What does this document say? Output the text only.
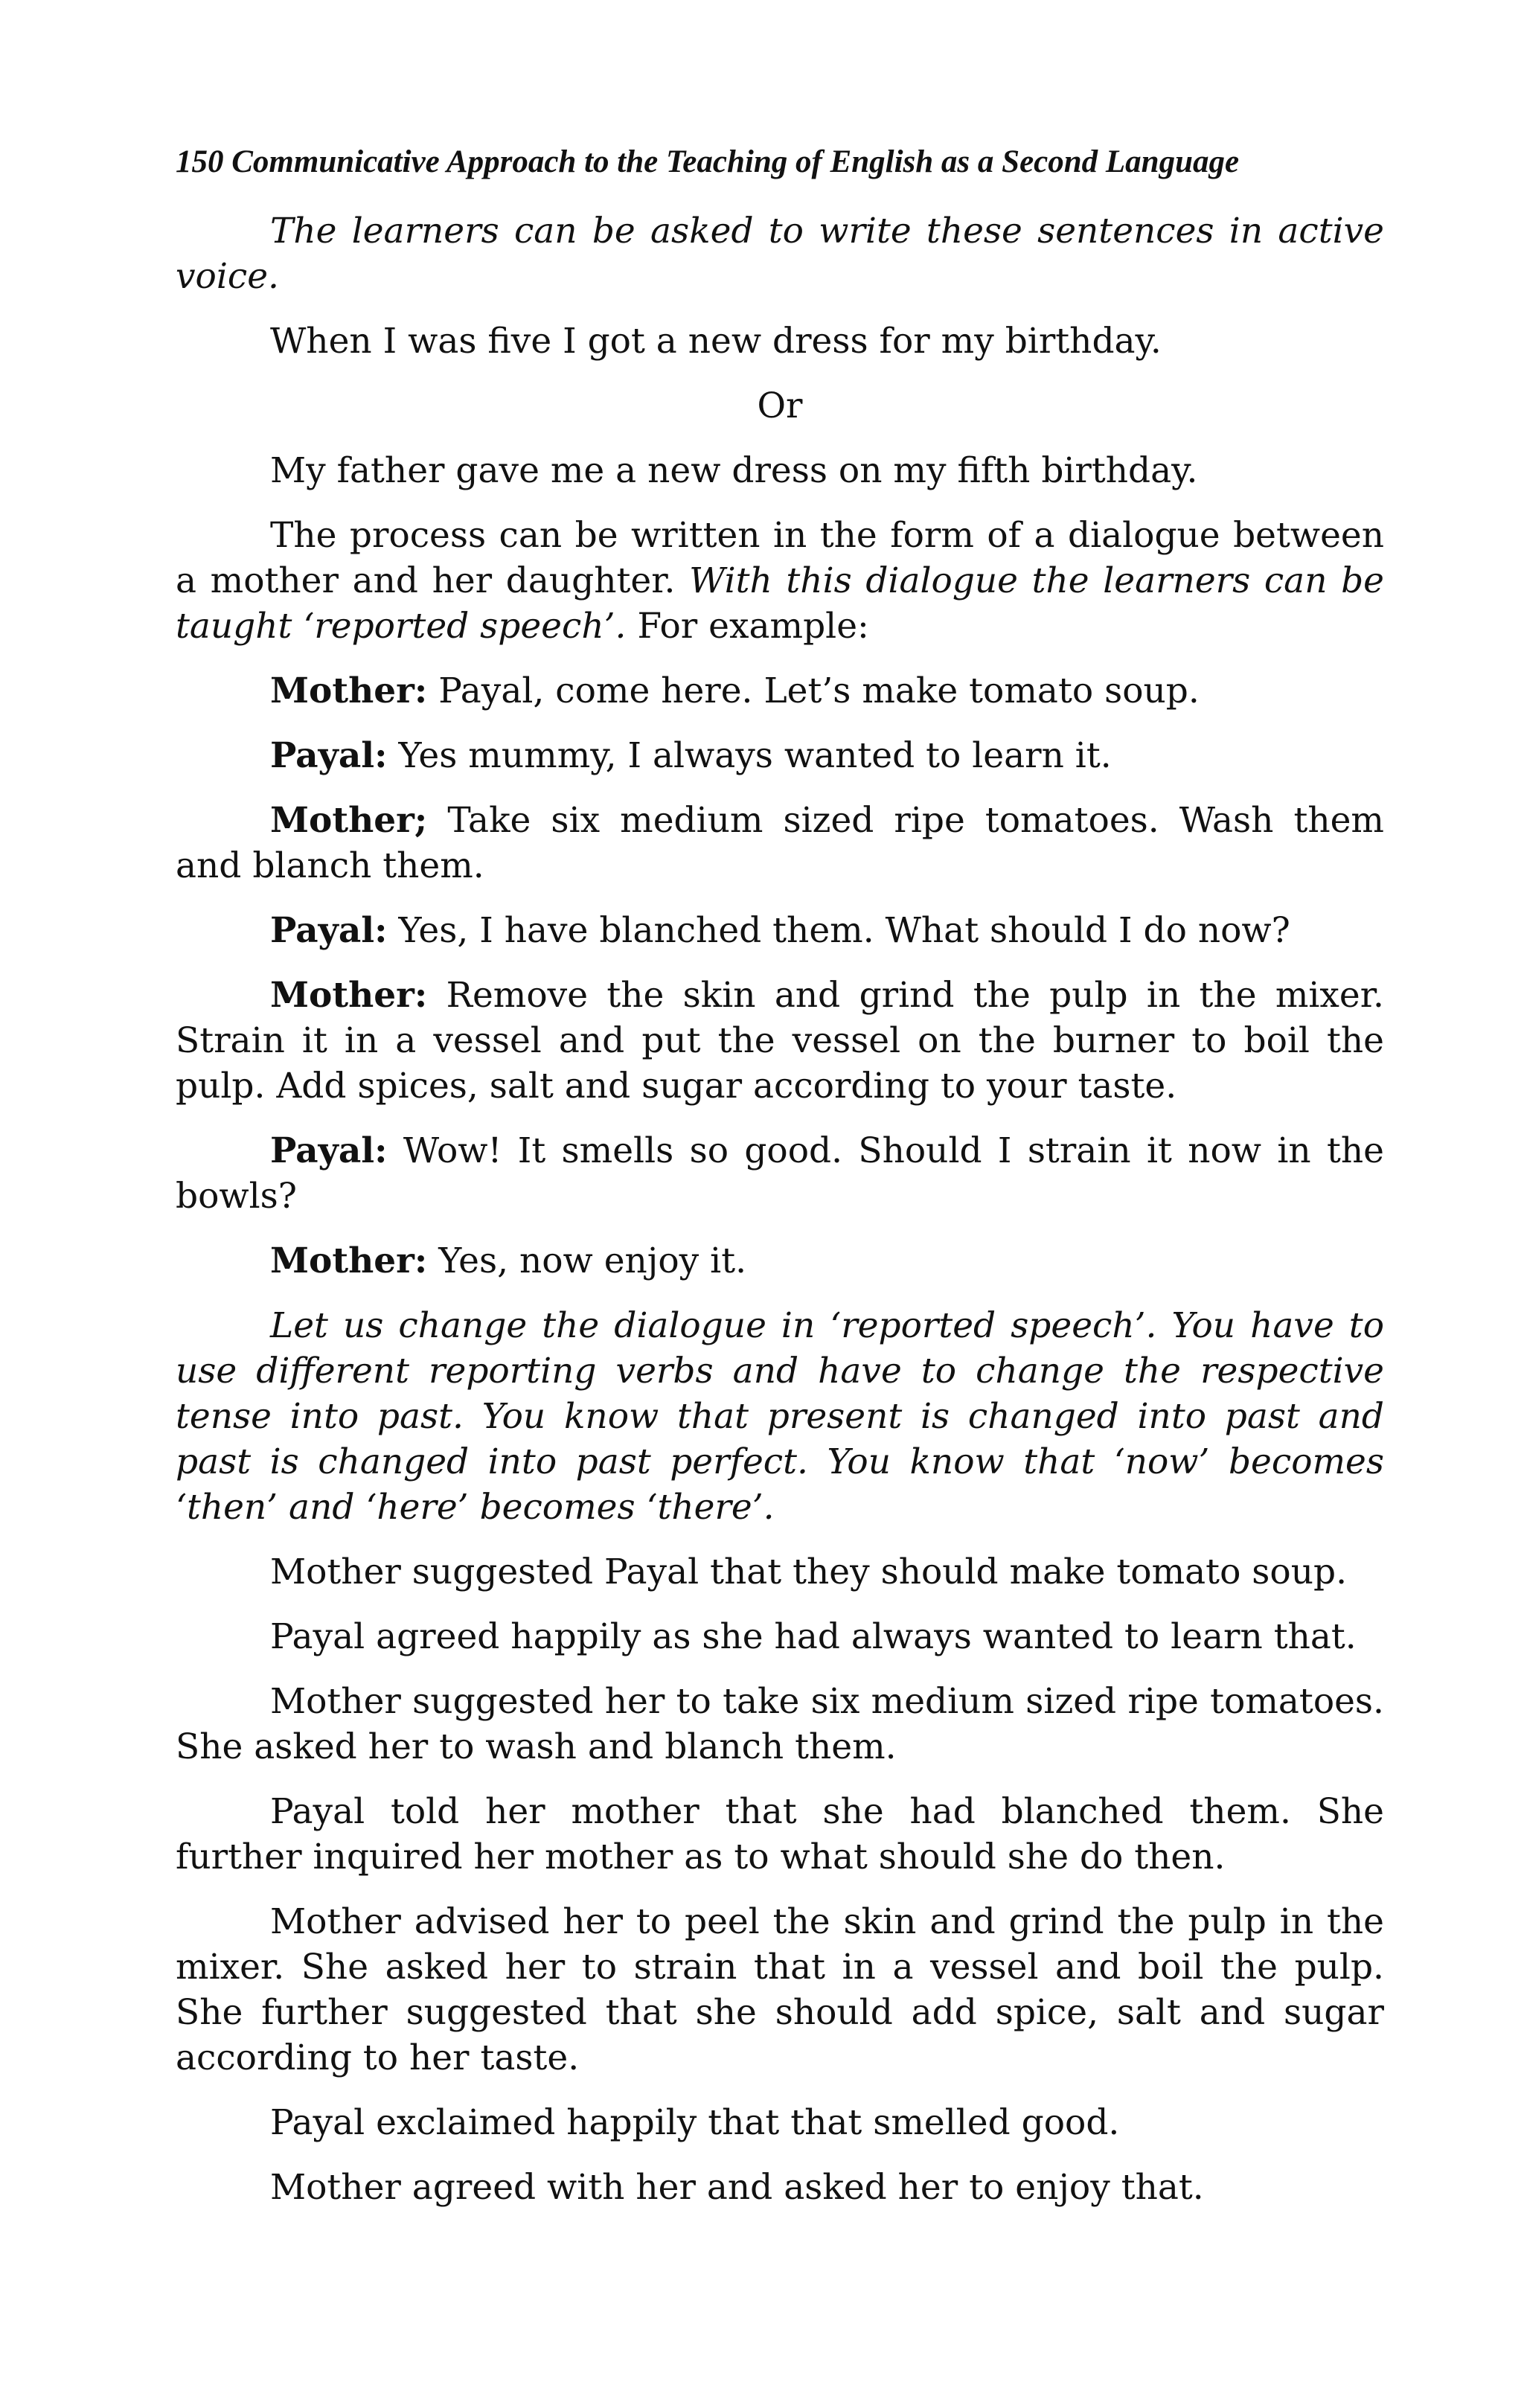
150 Communicative Approach to the Teaching of English as a Second Language

The learners can be asked to write these sentences in active voice.

When I was five I got a new dress for my birthday.

Or

My father gave me a new dress on my fifth birthday.

The process can be written in the form of a dialogue between a mother and her daughter. With this dialogue the learners can be taught ‘reported speech’. For example:

Mother: Payal, come here. Let’s make tomato soup.

Payal: Yes mummy, I always wanted to learn it.

Mother; Take six medium sized ripe tomatoes. Wash them and blanch them.

Payal: Yes, I have blanched them. What should I do now?

Mother: Remove the skin and grind the pulp in the mixer. Strain it in a vessel and put the vessel on the burner to boil the pulp. Add spices, salt and sugar according to your taste.

Payal: Wow! It smells so good. Should I strain it now in the bowls?

Mother: Yes, now enjoy it.

Let us change the dialogue in ‘reported speech’. You have to use different reporting verbs and have to change the respective tense into past. You know that present is changed into past and past is changed into past perfect. You know that ‘now’ becomes ‘then’ and ‘here’ becomes ‘there’.

Mother suggested Payal that they should make tomato soup.

Payal agreed happily as she had always wanted to learn that.

Mother suggested her to take six medium sized ripe tomatoes. She asked her to wash and blanch them.

Payal told her mother that she had blanched them. She further inquired her mother as to what should she do then.

Mother advised her to peel the skin and grind the pulp in the mixer. She asked her to strain that in a vessel and boil the pulp. She further suggested that she should add spice, salt and sugar according to her taste.

Payal exclaimed happily that that smelled good.

Mother agreed with her and asked her to enjoy that.
